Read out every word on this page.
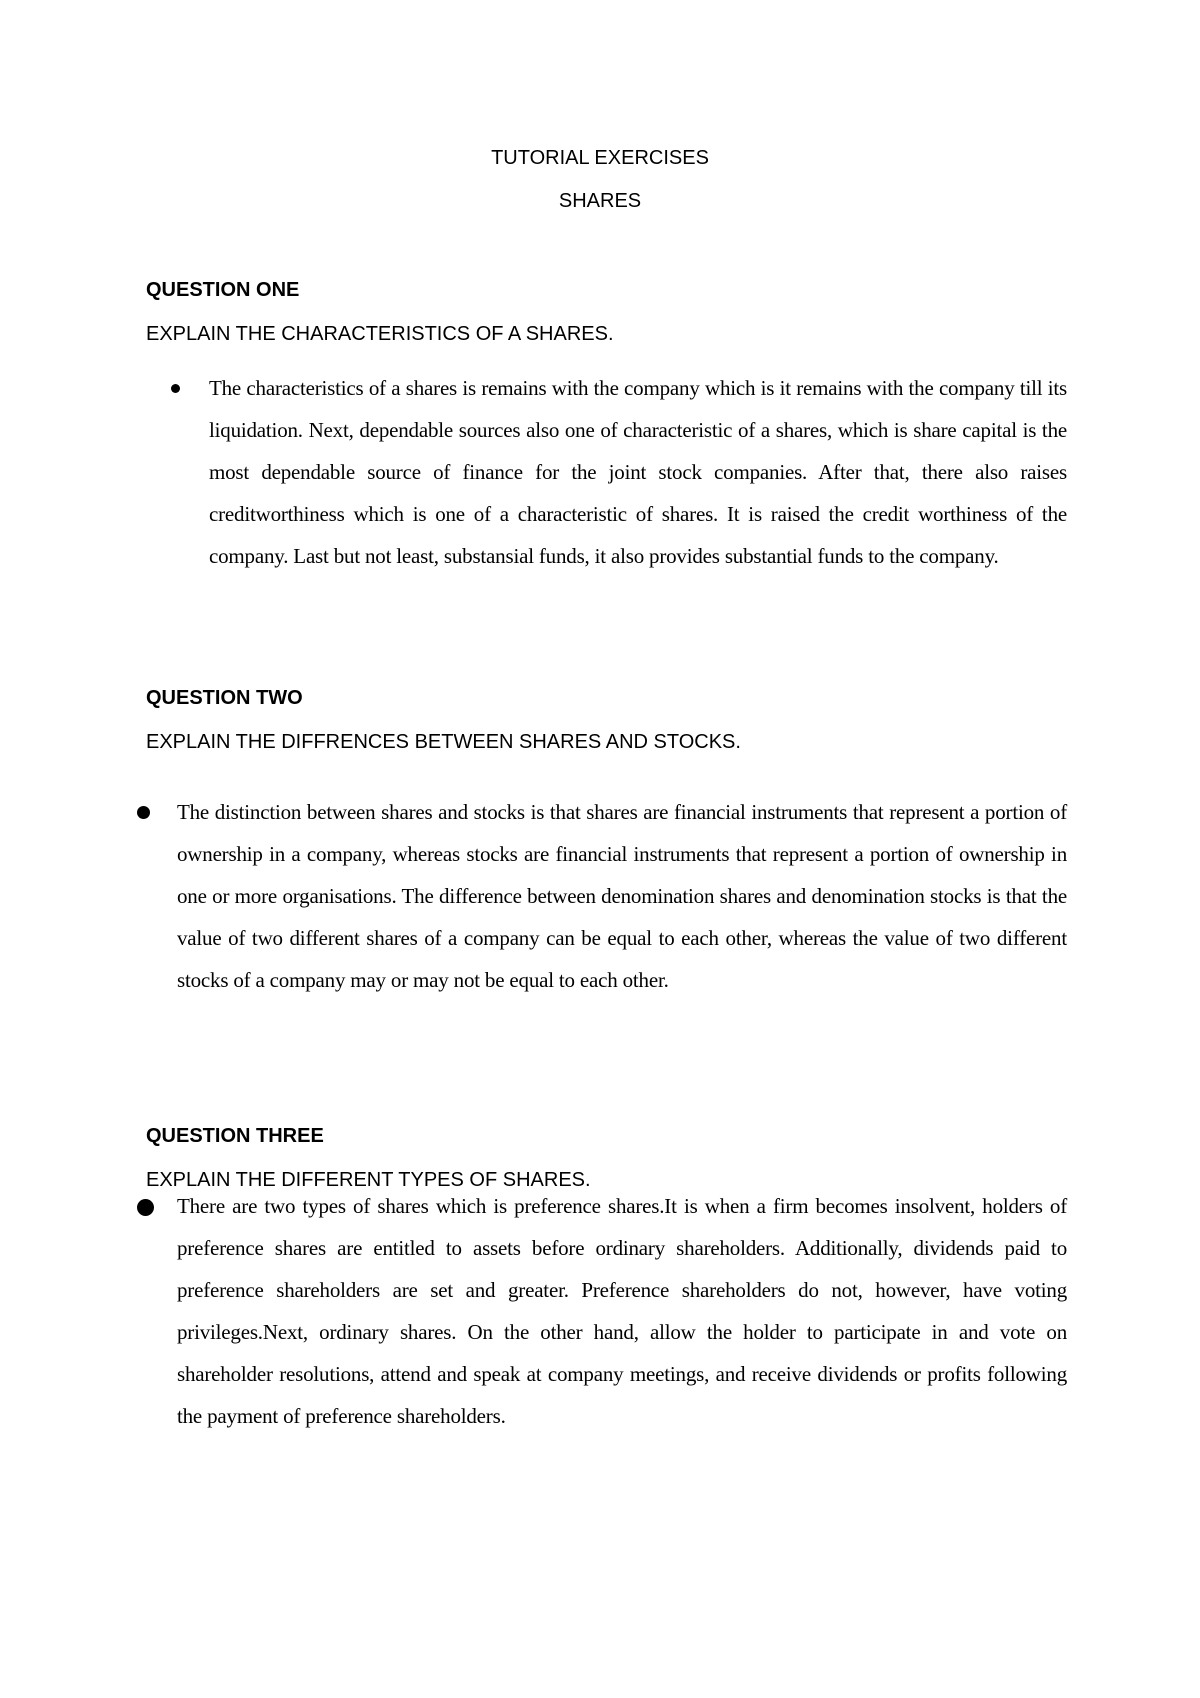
TUTORIAL EXERCISES
SHARES
QUESTION ONE
EXPLAIN THE CHARACTERISTICS OF A SHARES.
The characteristics of a shares is remains with the company which is it remains with the company till its liquidation. Next, dependable sources also one of characteristic of a shares, which is share capital is the most dependable source of finance for the joint stock companies. After that, there also raises creditworthiness which is one of a characteristic of shares. It is raised the credit worthiness of the company. Last but not least, substansial funds, it also provides substantial funds to the company.
QUESTION TWO
EXPLAIN THE DIFFRENCES BETWEEN SHARES AND STOCKS.
The distinction between shares and stocks is that shares are financial instruments that represent a portion of ownership in a company, whereas stocks are financial instruments that represent a portion of ownership in one or more organisations. The difference between denomination shares and denomination stocks is that the value of two different shares of a company can be equal to each other, whereas the value of two different stocks of a company may or may not be equal to each other.
QUESTION THREE
EXPLAIN THE DIFFERENT TYPES OF SHARES.
There are two types of shares which is preference shares.It is when a firm becomes insolvent, holders of preference shares are entitled to assets before ordinary shareholders. Additionally, dividends paid to preference shareholders are set and greater. Preference shareholders do not, however, have voting privileges.Next, ordinary shares. On the other hand, allow the holder to participate in and vote on shareholder resolutions, attend and speak at company meetings, and receive dividends or profits following the payment of preference shareholders.
